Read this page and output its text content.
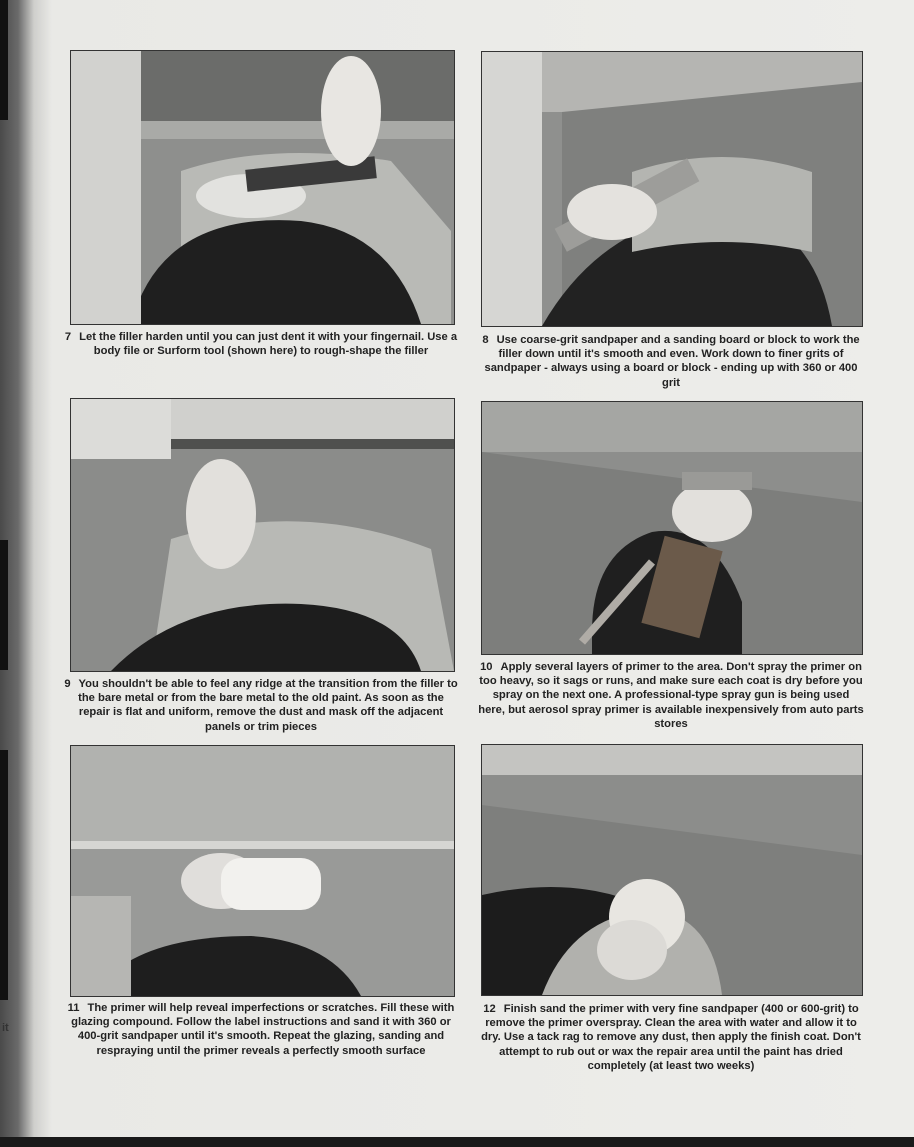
it
7 Let the filler harden until you can just dent it with your fingernail. Use a body file or Surform tool (shown here) to rough-shape the filler
8 Use coarse-grit sandpaper and a sanding board or block to work the filler down until it's smooth and even. Work down to finer grits of sandpaper - always using a board or block - ending up with 360 or 400 grit
9 You shouldn't be able to feel any ridge at the transition from the filler to the bare metal or from the bare metal to the old paint. As soon as the repair is flat and uniform, remove the dust and mask off the adjacent panels or trim pieces
10 Apply several layers of primer to the area. Don't spray the primer on too heavy, so it sags or runs, and make sure each coat is dry before you spray on the next one. A professional-type spray gun is being used here, but aerosol spray primer is available inexpensively from auto parts stores
11 The primer will help reveal imperfections or scratches. Fill these with glazing compound. Follow the label instructions and sand it with 360 or 400-grit sandpaper until it's smooth. Repeat the glazing, sanding and respraying until the primer reveals a perfectly smooth surface
12 Finish sand the primer with very fine sandpaper (400 or 600-grit) to remove the primer overspray. Clean the area with water and allow it to dry. Use a tack rag to remove any dust, then apply the finish coat. Don't attempt to rub out or wax the repair area until the paint has dried completely (at least two weeks)
